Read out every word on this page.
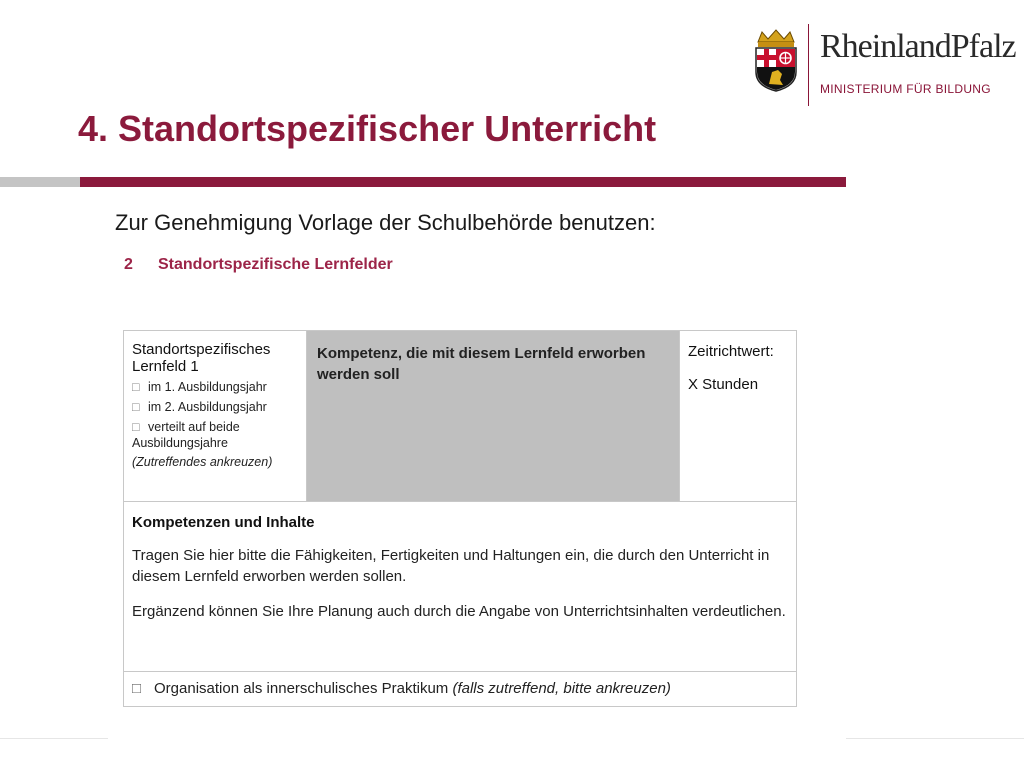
RheinlandPfalz
MINISTERIUM FÜR BILDUNG
4. Standortspezifischer Unterricht
Zur Genehmigung Vorlage der Schulbehörde benutzen:
2 Standortspezifische Lernfelder
Standortspezifisches Lernfeld 1
□ im 1. Ausbildungsjahr
□ im 2. Ausbildungsjahr
□ verteilt auf beide Ausbildungsjahre
(Zutreffendes ankreuzen)
Kompetenz, die mit diesem Lernfeld erworben werden soll
Zeitrichtwert:
X Stunden
Kompetenzen und Inhalte

Tragen Sie hier bitte die Fähigkeiten, Fertigkeiten und Haltungen ein, die durch den Unterricht in diesem Lernfeld erworben werden sollen.

Ergänzend können Sie Ihre Planung auch durch die Angabe von Unterrichtsinhalten verdeutlichen.

□ Organisation als innerschulisches Praktikum (falls zutreffend, bitte ankreuzen)
